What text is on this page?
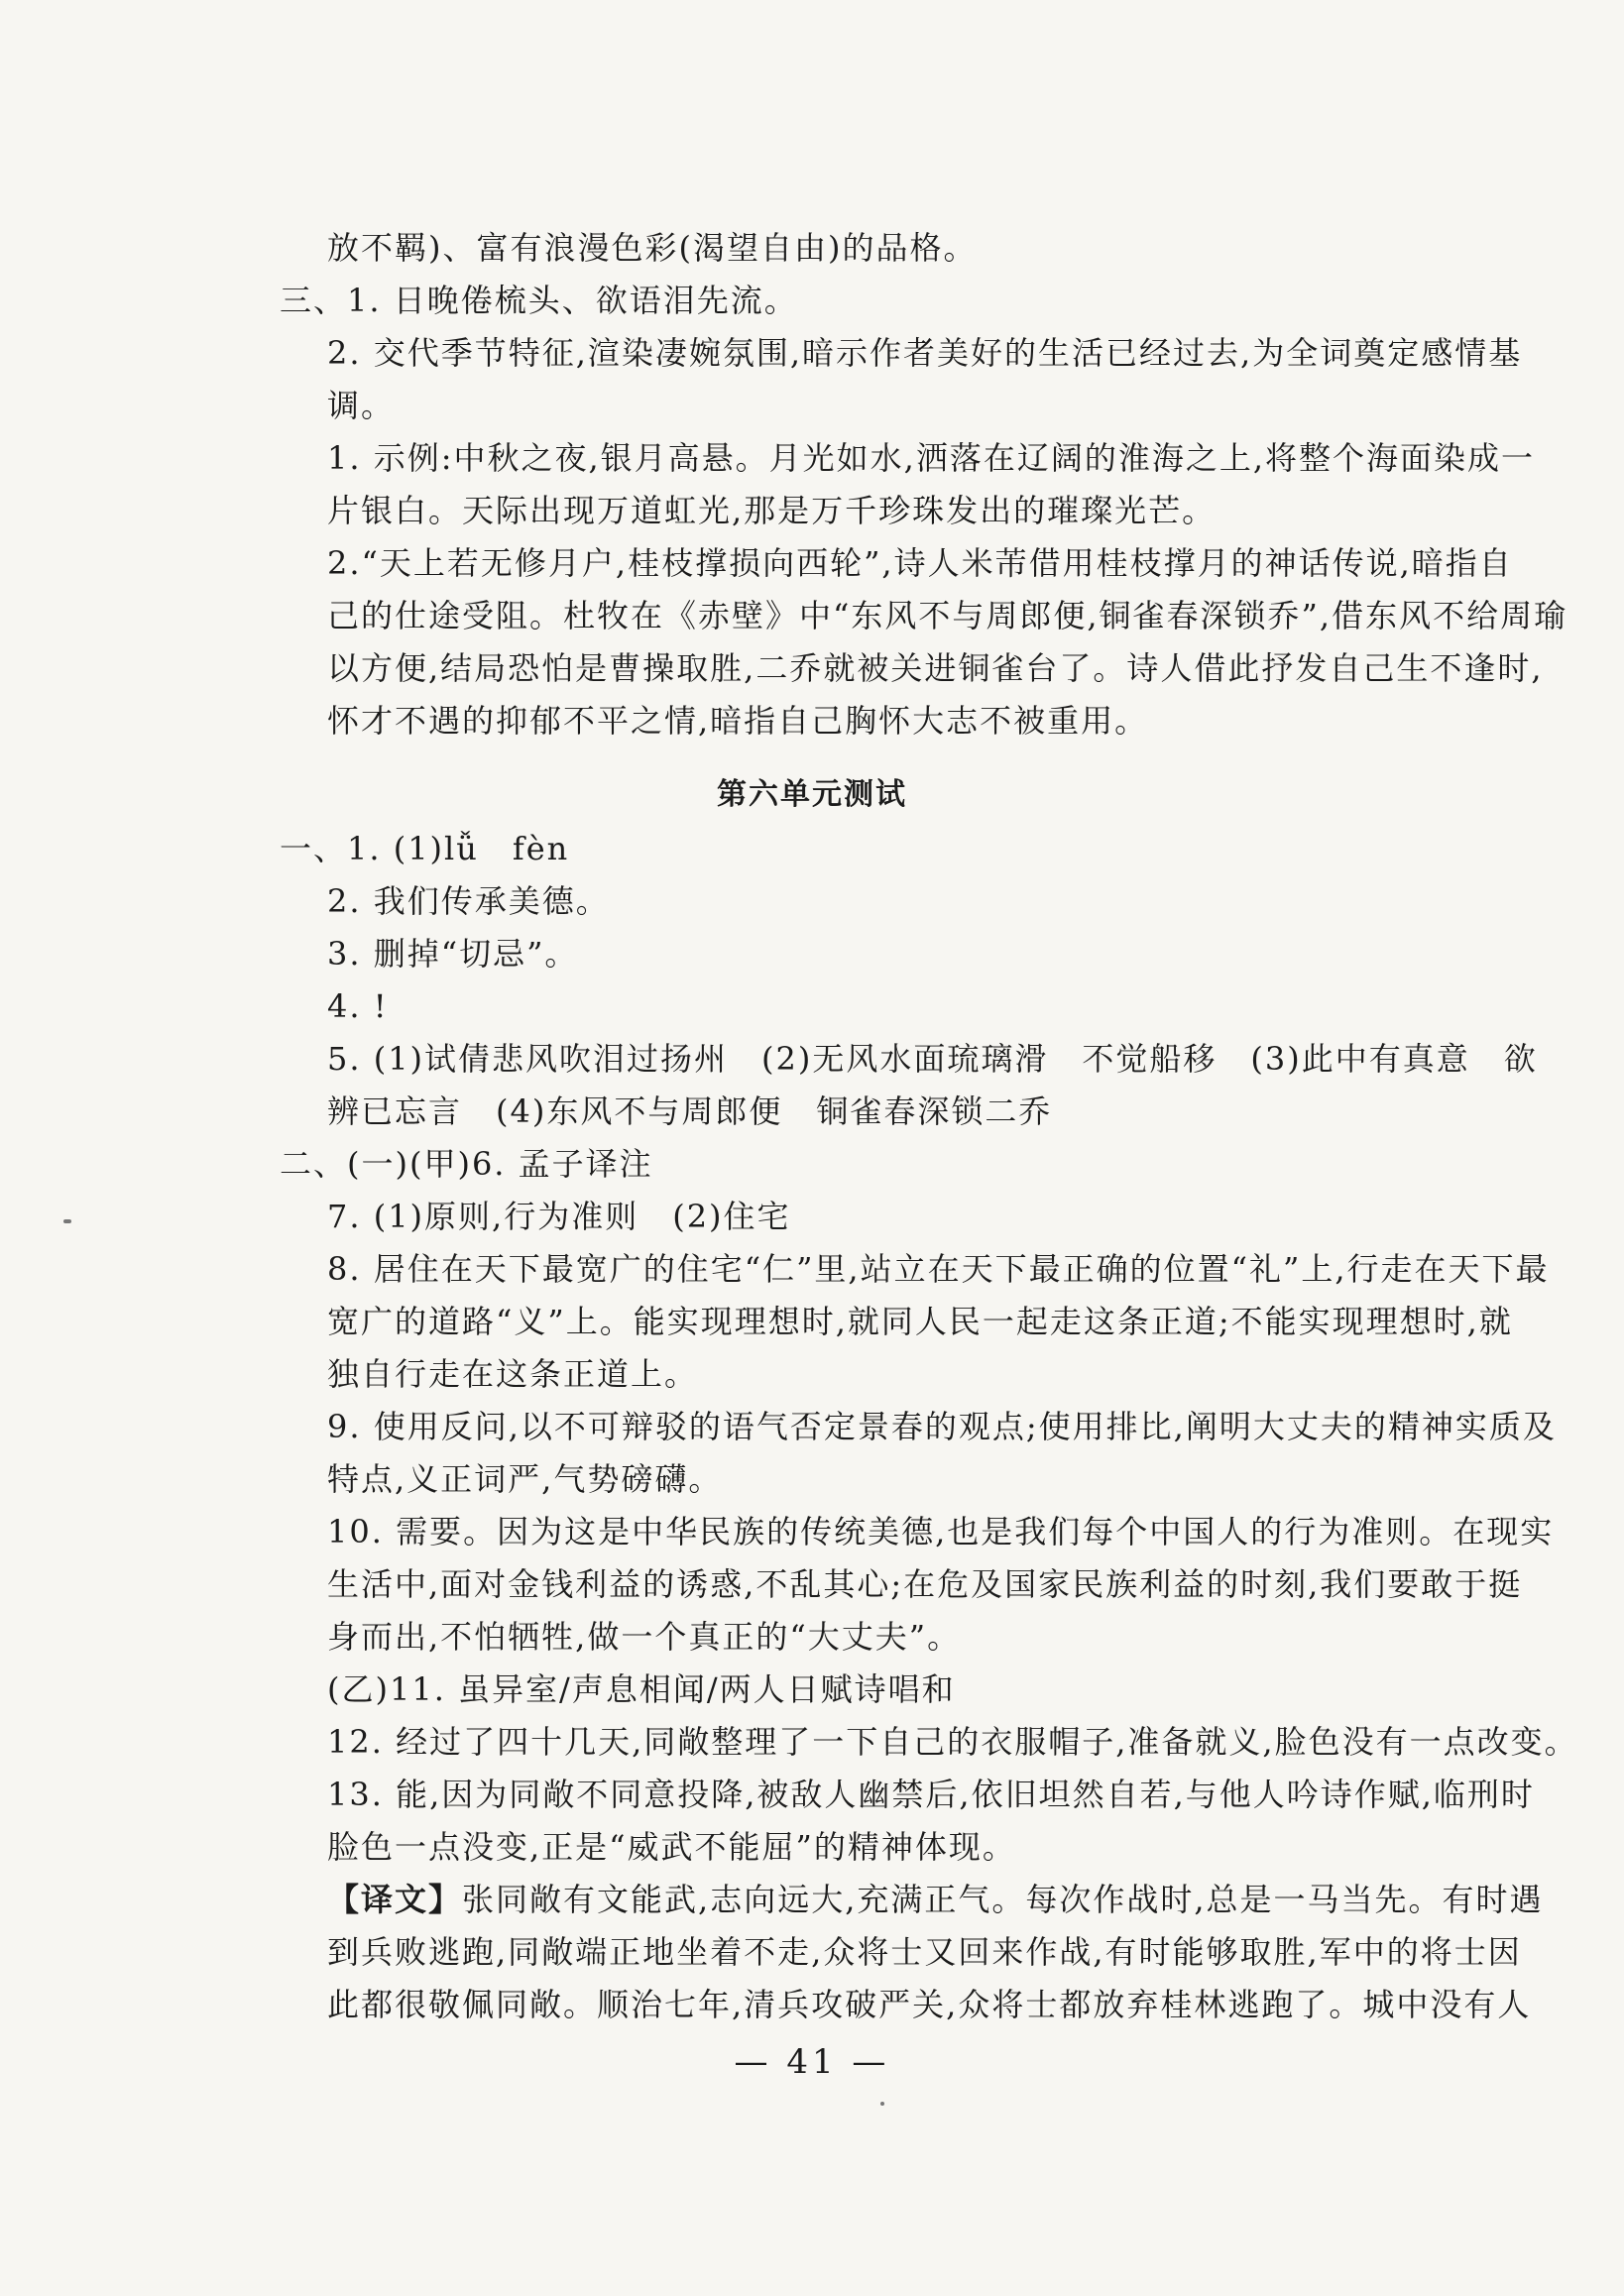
放不羁)、富有浪漫色彩(渴望自由)的品格。
三、1. 日晚倦梳头、欲语泪先流。
2. 交代季节特征,渲染凄婉氛围,暗示作者美好的生活已经过去,为全词奠定感情基
调。
1. 示例:中秋之夜,银月高悬。月光如水,洒落在辽阔的淮海之上,将整个海面染成一
片银白。天际出现万道虹光,那是万千珍珠发出的璀璨光芒。
2.“天上若无修月户,桂枝撑损向西轮”,诗人米芾借用桂枝撑月的神话传说,暗指自
己的仕途受阻。杜牧在《赤壁》中“东风不与周郎便,铜雀春深锁乔”,借东风不给周瑜
以方便,结局恐怕是曹操取胜,二乔就被关进铜雀台了。诗人借此抒发自己生不逢时,
怀才不遇的抑郁不平之情,暗指自己胸怀大志不被重用。
第六单元测试
一、1. (1)lǚ　fèn
2. 我们传承美德。
3. 删掉“切忌”。
4. !
5. (1)试倩悲风吹泪过扬州　(2)无风水面琉璃滑　不觉船移　(3)此中有真意　欲
辨已忘言　(4)东风不与周郎便　铜雀春深锁二乔
二、(一)(甲)6. 孟子译注
7. (1)原则,行为准则　(2)住宅
8. 居住在天下最宽广的住宅“仁”里,站立在天下最正确的位置“礼”上,行走在天下最
宽广的道路“义”上。能实现理想时,就同人民一起走这条正道;不能实现理想时,就
独自行走在这条正道上。
9. 使用反问,以不可辩驳的语气否定景春的观点;使用排比,阐明大丈夫的精神实质及
特点,义正词严,气势磅礴。
10. 需要。因为这是中华民族的传统美德,也是我们每个中国人的行为准则。在现实
生活中,面对金钱利益的诱惑,不乱其心;在危及国家民族利益的时刻,我们要敢于挺
身而出,不怕牺牲,做一个真正的“大丈夫”。
(乙)11. 虽异室/声息相闻/两人日赋诗唱和
12. 经过了四十几天,同敞整理了一下自己的衣服帽子,准备就义,脸色没有一点改变。
13. 能,因为同敞不同意投降,被敌人幽禁后,依旧坦然自若,与他人吟诗作赋,临刑时
脸色一点没变,正是“威武不能屈”的精神体现。
【译文】张同敞有文能武,志向远大,充满正气。每次作战时,总是一马当先。有时遇
到兵败逃跑,同敞端正地坐着不走,众将士又回来作战,有时能够取胜,军中的将士因
此都很敬佩同敞。顺治七年,清兵攻破严关,众将士都放弃桂林逃跑了。城中没有人
— 41 —
